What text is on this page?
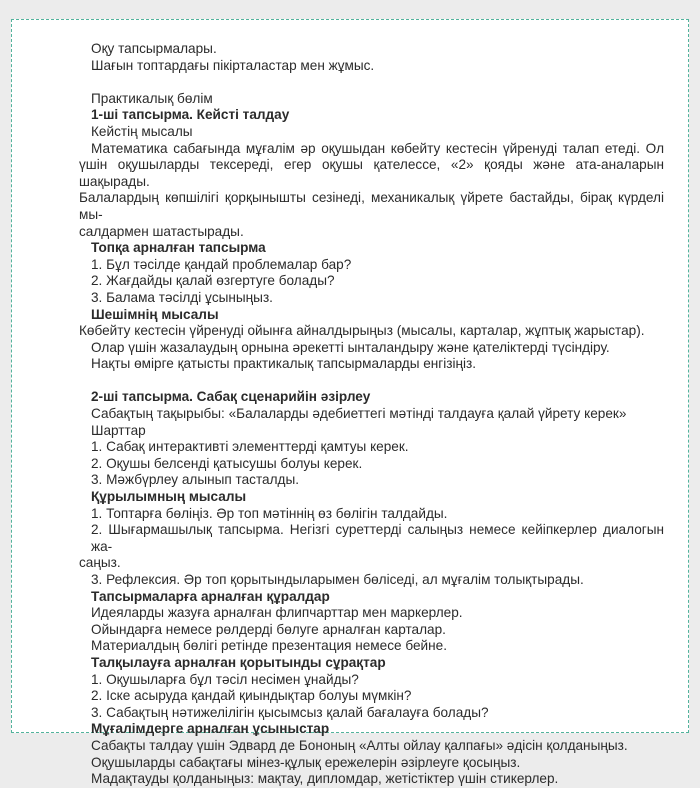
Оқу тапсырмалары.

Шағын топтардағы пікірталастар мен жұмыс.

Практикалық бөлім

1-ші тапсырма. Кейсті талдау

Кейстің мысалы

Математика сабағында мұғалім әр оқушыдан көбейту кестесін үйренуді талап етеді. Ол

үшін оқушыларды тексереді, егер оқушы қателессе, «2» қояды және ата-аналарын шақырады.

Балалардың көпшілігі қорқынышты сезінеді, механикалық үйрете бастайды, бірақ күрделі мы-

салдармен шатастырады.

Топқа арналған тапсырма

1. Бұл тәсілде қандай проблемалар бар?

2. Жағдайды қалай өзгертуге болады?

3. Балама тәсілді ұсыныңыз.

Шешімнің мысалы

Көбейту кестесін үйренуді ойынға айналдырыңыз (мысалы, карталар, жұптық жарыстар).

Олар үшін жазалаудың орнына әрекетті ынталандыру және қателіктерді түсіндіру.

Нақты өмірге қатысты практикалық тапсырмаларды енгізіңіз.

2-ші тапсырма. Сабақ сценарийін әзірлеу

Сабақтың тақырыбы: «Балаларды әдебиеттегі мәтінді талдауға қалай үйрету керек»

Шарттар

1. Сабақ интерактивті элементтерді қамтуы керек.

2. Оқушы белсенді қатысушы болуы керек.

3. Мәжбүрлеу алынып тасталды.

Құрылымның мысалы

1. Топтарға бөліңіз. Әр топ мәтіннің өз бөлігін талдайды.

2. Шығармашылық тапсырма. Негізгі суреттерді салыңыз немесе кейіпкерлер диалогын жа-

саңыз.

3. Рефлексия. Әр топ қорытындыларымен бөліседі, ал мұғалім толықтырады.

Тапсырмаларға арналған құралдар

Идеяларды жазуға арналған флипчарттар мен маркерлер.

Ойындарға немесе рөлдерді бөлуге арналған карталар.

Материалдың бөлігі ретінде презентация немесе бейне.

Талқылауға арналған қорытынды сұрақтар

1. Оқушыларға бұл тәсіл несімен ұнайды?

2. Іске асыруда қандай қиындықтар болуы мүмкін?

3. Сабақтың нәтижелілігін қысымсыз қалай бағалауға болады?

Мұғалімдерге арналған ұсыныстар

Сабақты талдау үшін Эдвард де Бононың «Алты ойлау қалпағы» әдісін қолданыңыз.

Оқушыларды сабақтағы мінез-құлық ережелерін әзірлеуге қосыңыз.

Мадақтауды қолданыңыз: мақтау, дипломдар, жетістіктер үшін стикерлер.
